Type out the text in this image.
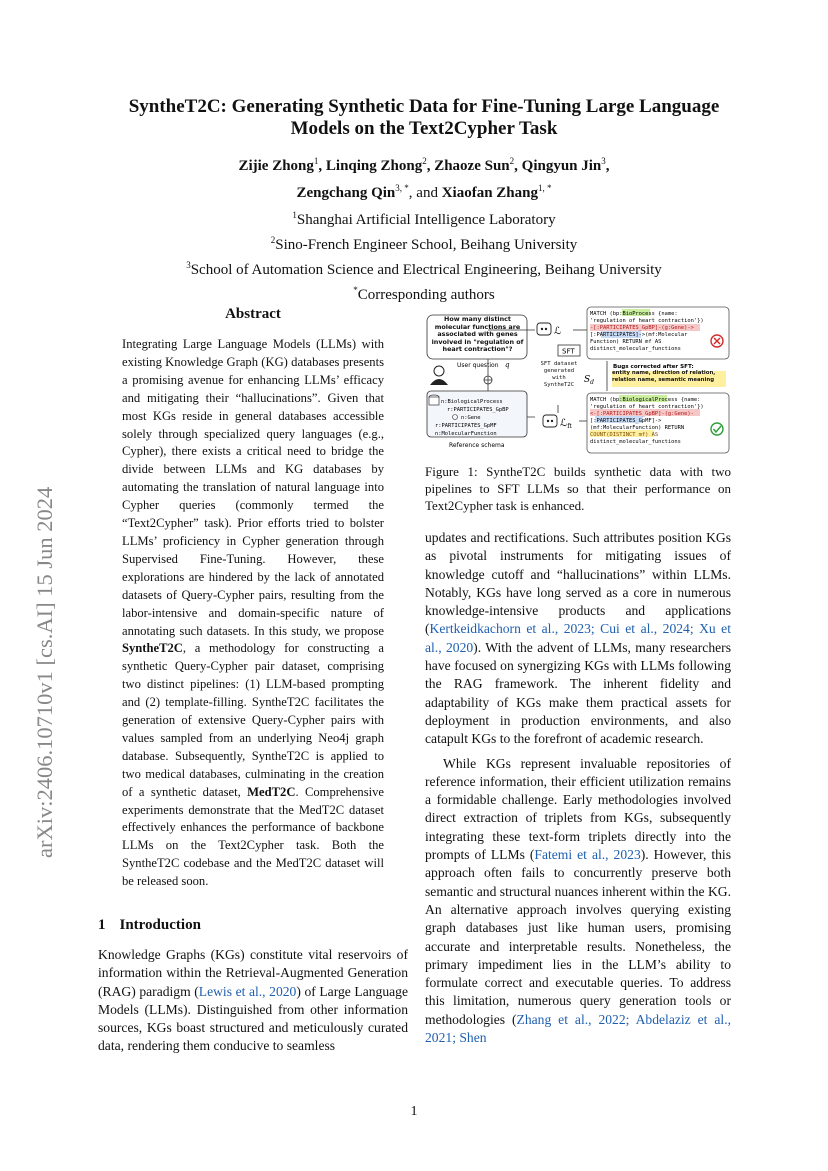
arXiv:2406.10710v1 [cs.AI] 15 Jun 2024
SyntheT2C: Generating Synthetic Data for Fine-Tuning Large Language
Models on the Text2Cypher Task
Zijie Zhong$^1$, Linqing Zhong$^2$, Zhaoze Sun$^2$, Qingyun Jin$^3$,
Zengchang Qin$^{3, *}$, and Xiaofan Zhang$^{1, *}$
$^1$Shanghai Artificial Intelligence Laboratory
$^2$Sino-French Engineer School, Beihang University
$^3$School of Automation Science and Electrical Engineering, Beihang University
*Corresponding authors
Abstract

Integrating Large Language Models (LLMs) with existing Knowledge Graph (KG) databases presents a promising avenue for enhancing LLMs’ efficacy and mitigating their “hallucinations”. Given that most KGs reside in general databases accessible solely through specialized query languages (e.g., Cypher), there exists a critical need to bridge the divide between LLMs and KG databases by automating the translation of natural language into Cypher queries (commonly termed the “Text2Cypher” task). Prior efforts tried to bolster LLMs’ proficiency in Cypher generation through Supervised Fine-Tuning. However, these explorations are hindered by the lack of annotated datasets of Query-Cypher pairs, resulting from the labor-intensive and domain-specific nature of annotating such datasets. In this study, we propose SyntheT2C, a methodology for constructing a synthetic Query-Cypher pair dataset, comprising two distinct pipelines: (1) LLM-based prompting and (2) template-filling. SyntheT2C facilitates the generation of extensive Query-Cypher pairs with values sampled from an underlying Neo4j graph database. Subsequently, SyntheT2C is applied to two medical databases, culminating in the creation of a synthetic dataset, MedT2C. Comprehensive experiments demonstrate that the MedT2C dataset effectively enhances the performance of backbone LLMs on the Text2Cypher task. Both the SyntheT2C codebase and the MedT2C dataset will be released soon.

1 Introduction

Knowledge Graphs (KGs) constitute vital reservoirs of information within the Retrieval-Augmented Generation (RAG) paradigm (Lewis et al., 2020) of Large Language Models (LLMs). Distinguished from other information sources, KGs boast structured and meticulously curated data, rendering them conducive to seamless

How many distinct molecular functions are associated with genes involved in "regulation of heart contraction"?
User question q
n:BiologicalProcess
r:PARTICIPATES_GpBP
n:Gene
r:PARTICIPATES_GpMF
n:MolecularFunction
Reference schema
ℒ
SFT
SFT dataset generated with SyntheT2C	$S_d$
ℒ$_{ft}$
MATCH (bp:BioProcess {name:
'regulation of heart contraction'})
-[:PARTICIPATES_GpBP]-(g:Gene)->
[:PARTICIPATES]->(mf:Molecular
Function) RETURN mf AS
distinct_molecular_functions
Bugs corrected after SFT:
entity name, direction of relation, relation name, semantic meaning
MATCH (bp:BiologicalProcess {name:
'regulation of heart contraction'})
<-[:PARTICIPATES_GpBP]-(g:Gene)-
[:PARTICIPATES_GpMF]->
(mf:MolecularFunction) RETURN
COUNT(DISTINCT mf) AS
distinct_molecular_functions
Figure 1: SyntheT2C builds synthetic data with two pipelines to SFT LLMs so that their performance on Text2Cypher task is enhanced.

updates and rectifications. Such attributes position KGs as pivotal instruments for mitigating issues of knowledge cutoff and “hallucinations” within LLMs. Notably, KGs have long served as a core in numerous knowledge-intensive products and applications (Kertkeidkachorn et al., 2023; Cui et al., 2024; Xu et al., 2020). With the advent of LLMs, many researchers have focused on synergizing KGs with LLMs following the RAG framework. The inherent fidelity and adaptability of KGs make them practical assets for deployment in production environments, and also catapult KGs to the forefront of academic research.

While KGs represent invaluable repositories of reference information, their efficient utilization remains a formidable challenge. Early methodologies involved direct extraction of triplets from KGs, subsequently integrating these text-form triplets directly into the prompts of LLMs (Fatemi et al., 2023). However, this approach often fails to concurrently preserve both semantic and structural nuances inherent within the KG. An alternative approach involves querying existing graph databases just like human users, promising accurate and interpretable results. Nonetheless, the primary impediment lies in the LLM’s ability to formulate correct and executable queries. To address this limitation, numerous query generation tools or methodologies (Zhang et al., 2022; Abdelaziz et al., 2021; Shen

1
